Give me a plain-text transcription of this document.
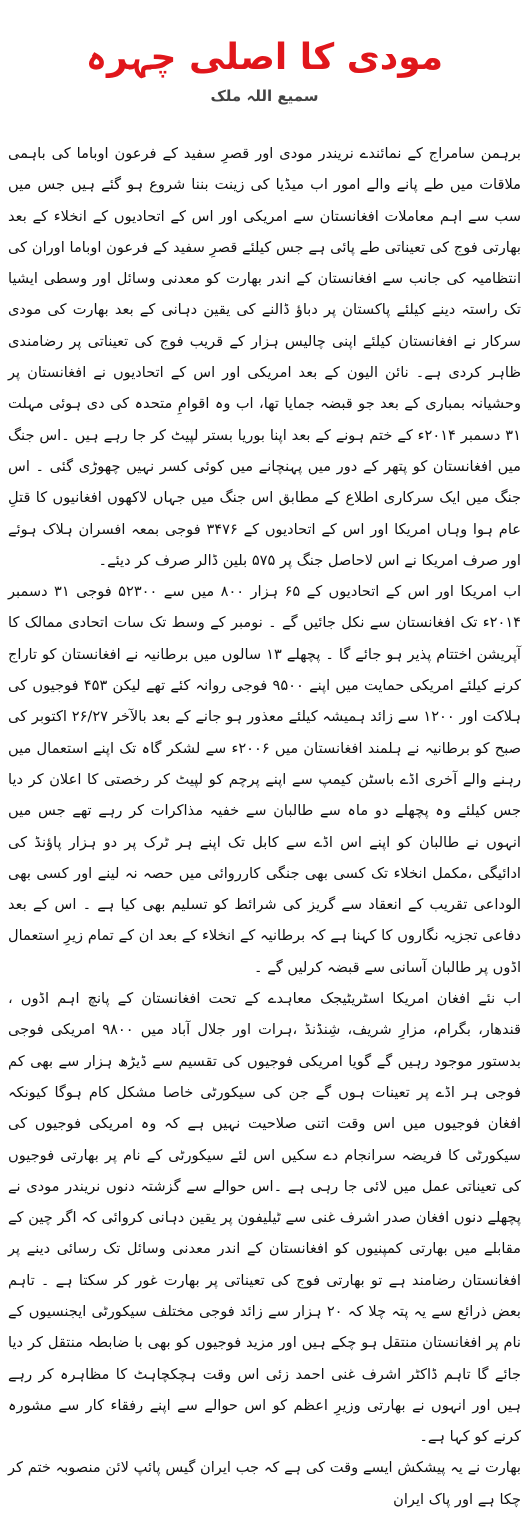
مودی کا اصلی چہرہ
سمیع اللہ ملک

برہمن سامراج کے نمائندے نریندر مودی اور قصرِ سفید کے فرعون اوباما کی باہمی ملاقات میں طے پانے والے امور اب میڈیا کی زینت بننا شروع ہو گئے ہیں جس میں سب سے اہم معاملات افغانستان سے امریکی اور اس کے اتحادیوں کے انخلاء کے بعد بھارتی فوج کی تعیناتی طے پائی ہے جس کیلئے قصرِ سفید کے فرعون اوباما اوران کی انتظامیہ کی جانب سے افغانستان کے اندر بھارت کو معدنی وسائل اور وسطی ایشیا تک راستہ دینے کیلئے پاکستان پر دباؤ ڈالنے کی یقین دہانی کے بعد بھارت کی مودی سرکار نے افغانستان کیلئے اپنی چالیس ہزار کے قریب فوج کی تعیناتی پر رضامندی ظاہر کردی ہے۔ نائن الیون کے بعد امریکی اور اس کے اتحادیوں نے افغانستان پر وحشیانہ بمباری کے بعد جو قبضہ جمایا تھا، اب وہ اقوامِ متحدہ کی دی ہوئی مہلت ۳۱ دسمبر ۲۰۱۴ء کے ختم ہونے کے بعد اپنا بوریا بستر لپیٹ کر جا رہے ہیں ۔اس جنگ میں افغانستان کو پتھر کے دور میں پہنچانے میں کوئی کسر نہیں چھوڑی گئی ۔ اس جنگ میں ایک سرکاری اطلاع کے مطابق اس جنگ میں جہاں لاکھوں افغانیوں کا قتلِ عام ہوا وہاں امریکا اور اس کے اتحادیوں کے ۳۴۷۶ فوجی بمعہ افسران ہلاک ہوئے اور صرف امریکا نے اس لاحاصل جنگ پر ۵۷۵ بلین ڈالر صرف کر دیئے۔

اب امریکا اور اس کے اتحادیوں کے ۶۵ ہزار ۸۰۰ میں سے ۵۲۳۰۰ فوجی ۳۱ دسمبر ۲۰۱۴ء تک افغانستان سے نکل جائیں گے ۔ نومبر کے وسط تک سات اتحادی ممالک کا آپریشن اختتام پذیر ہو جائے گا ۔ پچھلے ۱۳ سالوں میں برطانیہ نے افغانستان کو تاراج کرنے کیلئے امریکی حمایت میں اپنے ۹۵۰۰ فوجی روانہ کئے تھے لیکن ۴۵۳ فوجیوں کی ہلاکت اور ۱۲۰۰ سے زائد ہمیشہ کیلئے معذور ہو جانے کے بعد بالآخر ۲۶/۲۷ اکتوبر کی صبح کو برطانیہ نے ہلمند افغانستان میں ۲۰۰۶ء سے لشکر گاہ تک اپنے استعمال میں رہنے والے آخری اڈے باسٹن کیمپ سے اپنے پرچم کو لپیٹ کر رخصتی کا اعلان کر دیا جس کیلئے وہ پچھلے دو ماہ سے طالبان سے خفیہ مذاکرات کر رہے تھے جس میں انہوں نے طالبان کو اپنے اس اڈے سے کابل تک اپنے ہر ٹرک پر دو ہزار پاؤنڈ کی ادائیگی ،مکمل انخلاء تک کسی بھی جنگی کارروائی میں حصہ نہ لینے اور کسی بھی الوداعی تقریب کے انعقاد سے گریز کی شرائط کو تسلیم بھی کیا ہے ۔ اس کے بعد دفاعی تجزیہ نگاروں کا کہنا ہے کہ برطانیہ کے انخلاء کے بعد ان کے تمام زیرِ استعمال اڈوں پر طالبان آسانی سے قبضہ کرلیں گے ۔

اب نئے افغان امریکا اسٹریٹیجک معاہدے کے تحت افغانستان کے پانچ اہم اڈوں ، قندھار، بگرام، مزارِ شریف، شِنڈنڈ ،ہرات اور جلال آباد میں ۹۸۰۰ امریکی فوجی بدستور موجود رہیں گے گویا امریکی فوجیوں کی تقسیم سے ڈیڑھ ہزار سے بھی کم فوجی ہر اڈے پر تعینات ہوں گے جن کی سیکورٹی خاصا مشکل کام ہوگا کیونکہ افغان فوجیوں میں اس وقت اتنی صلاحیت نہیں ہے کہ وہ امریکی فوجیوں کی سیکورٹی کا فریضہ سرانجام دے سکیں اس لئے سیکورٹی کے نام پر بھارتی فوجیوں کی تعیناتی عمل میں لائی جا رہی ہے ۔اس حوالے سے گزشتہ دنوں نریندر مودی نے پچھلے دنوں افغان صدر اشرف غنی سے ٹیلیفون پر یقین دہانی کروائی کہ اگر چین کے مقابلے میں بھارتی کمپنیوں کو افغانستان کے اندر معدنی وسائل تک رسائی دینے پر افغانستان رضامند ہے تو بھارتی فوج کی تعیناتی پر بھارت غور کر سکتا ہے ۔ تاہم بعض ذرائع سے یہ پتہ چلا کہ ۲۰ ہزار سے زائد فوجی مختلف سیکورٹی ایجنسیوں کے نام پر افغانستان منتقل ہو چکے ہیں اور مزید فوجیوں کو بھی با ضابطہ منتقل کر دیا جائے گا تاہم ڈاکٹر اشرف غنی احمد زئی اس وقت ہچکچاہٹ کا مظاہرہ کر رہے ہیں اور انہوں نے بھارتی وزیرِ اعظم کو اس حوالے سے اپنے رفقاء کار سے مشورہ کرنے کو کہا ہے۔

بھارت نے یہ پیشکش ایسے وقت کی ہے کہ جب ایران گیس پائپ لائن منصوبہ ختم کر چکا ہے اور پاک ایران
